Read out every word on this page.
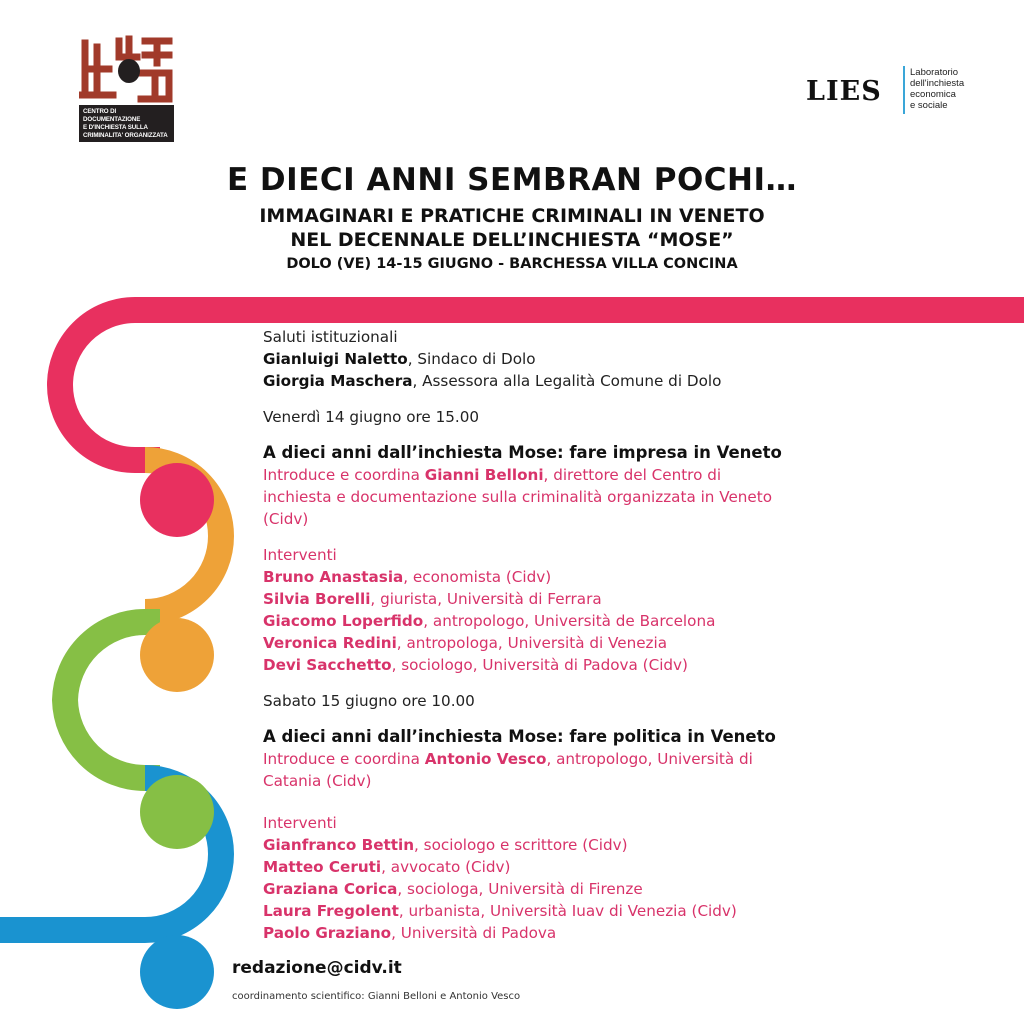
CENTRO DI DOCUMENTAZIONE
E D'INCHIESTA SULLA
CRIMINALITA' ORGANIZZATA
LIES
Laboratorio
dell'inchiesta
economica
e sociale
E DIECI ANNI SEMBRAN POCHI…
IMMAGINARI E PRATICHE CRIMINALI IN VENETO
NEL DECENNALE DELL’INCHIESTA “MOSE”
DOLO (VE) 14-15 GIUGNO - BARCHESSA VILLA CONCINA

Saluti istituzionali

Gianluigi Naletto, Sindaco di Dolo

Giorgia Maschera, Assessora alla Legalità Comune di Dolo

Venerdì 14 giugno ore 15.00

A dieci anni dall’inchiesta Mose: fare impresa in Veneto

Introduce e coordina Gianni Belloni, direttore del Centro di

inchiesta e documentazione sulla criminalità organizzata in Veneto

(Cidv)

Interventi

Bruno Anastasia, economista (Cidv)

Silvia Borelli, giurista, Università di Ferrara

Giacomo Loperfido, antropologo, Università de Barcelona

Veronica Redini, antropologa, Università di Venezia

Devi Sacchetto, sociologo, Università di Padova (Cidv)

Sabato 15 giugno ore 10.00

A dieci anni dall’inchiesta Mose: fare politica in Veneto

Introduce e coordina Antonio Vesco, antropologo, Università di

Catania (Cidv)

Interventi

Gianfranco Bettin, sociologo e scrittore (Cidv)

Matteo Ceruti, avvocato (Cidv)

Graziana Corica, sociologa, Università di Firenze

Laura Fregolent, urbanista, Università Iuav di Venezia (Cidv)

Paolo Graziano, Università di Padova

redazione@cidv.it
coordinamento scientifico: Gianni Belloni e Antonio Vesco
